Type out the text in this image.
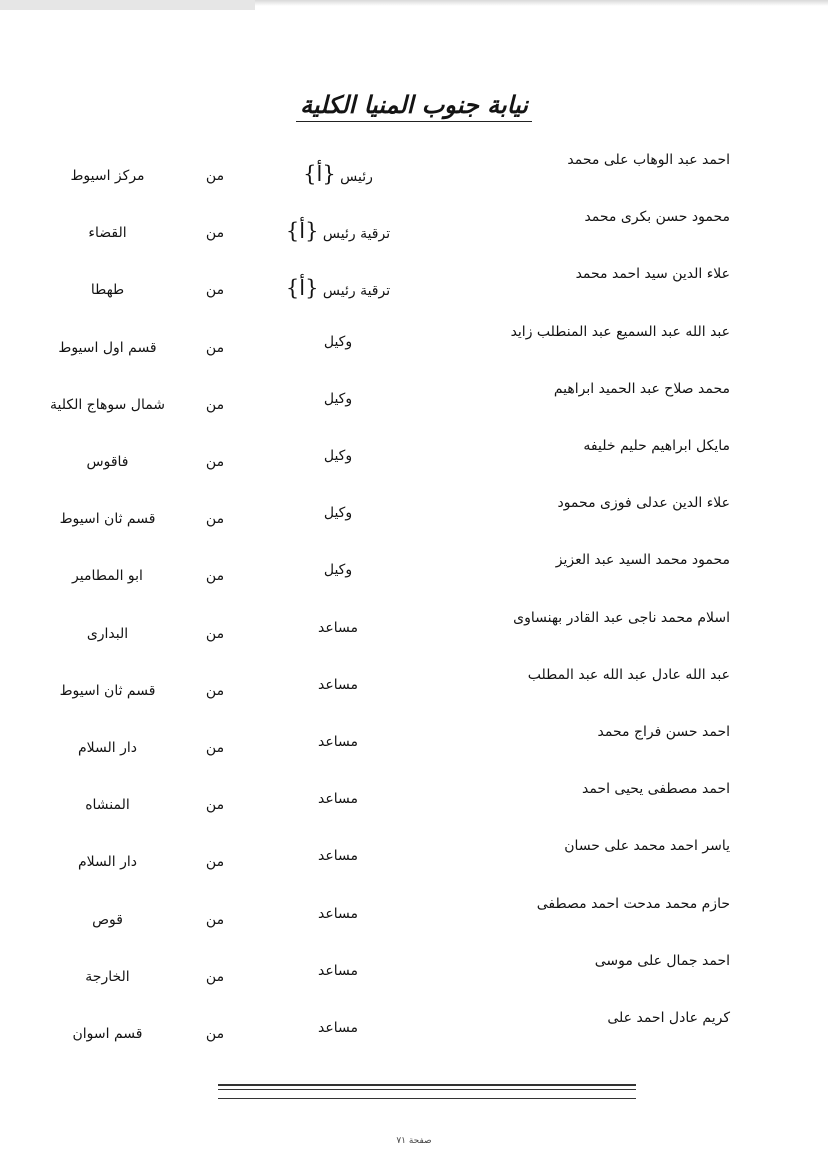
نيابة جنوب المنيا الكلية
احمد عبد الوهاب على محمد
رئيس {أ}
من
مركز اسيوط
محمود حسن بكرى محمد
ترقية رئيس {أ}
من
القضاء
علاء الدين سيد احمد محمد
ترقية رئيس {أ}
من
طهطا
عبد الله عبد السميع عبد المنطلب زايد
وكيل
من
قسم اول اسيوط
محمد صلاح عبد الحميد ابراهيم
وكيل
من
شمال سوهاج الكلية
مايكل ابراهيم حليم خليفه
وكيل
من
فاقوس
علاء الدين عدلى فوزى محمود
وكيل
من
قسم ثان اسيوط
محمود محمد السيد عبد العزيز
وكيل
من
ابو المطامير
اسلام محمد ناجى عبد القادر بهنساوى
مساعد
من
البدارى
عبد الله عادل عبد الله عبد المطلب
مساعد
من
قسم ثان اسيوط
احمد حسن فراج محمد
مساعد
من
دار السلام
احمد مصطفى يحيى احمد
مساعد
من
المنشاه
ياسر احمد محمد على حسان
مساعد
من
دار السلام
حازم محمد مدحت احمد مصطفى
مساعد
من
قوص
احمد جمال على موسى
مساعد
من
الخارجة
كريم عادل احمد على
مساعد
من
قسم اسوان
صفحة ٧١
